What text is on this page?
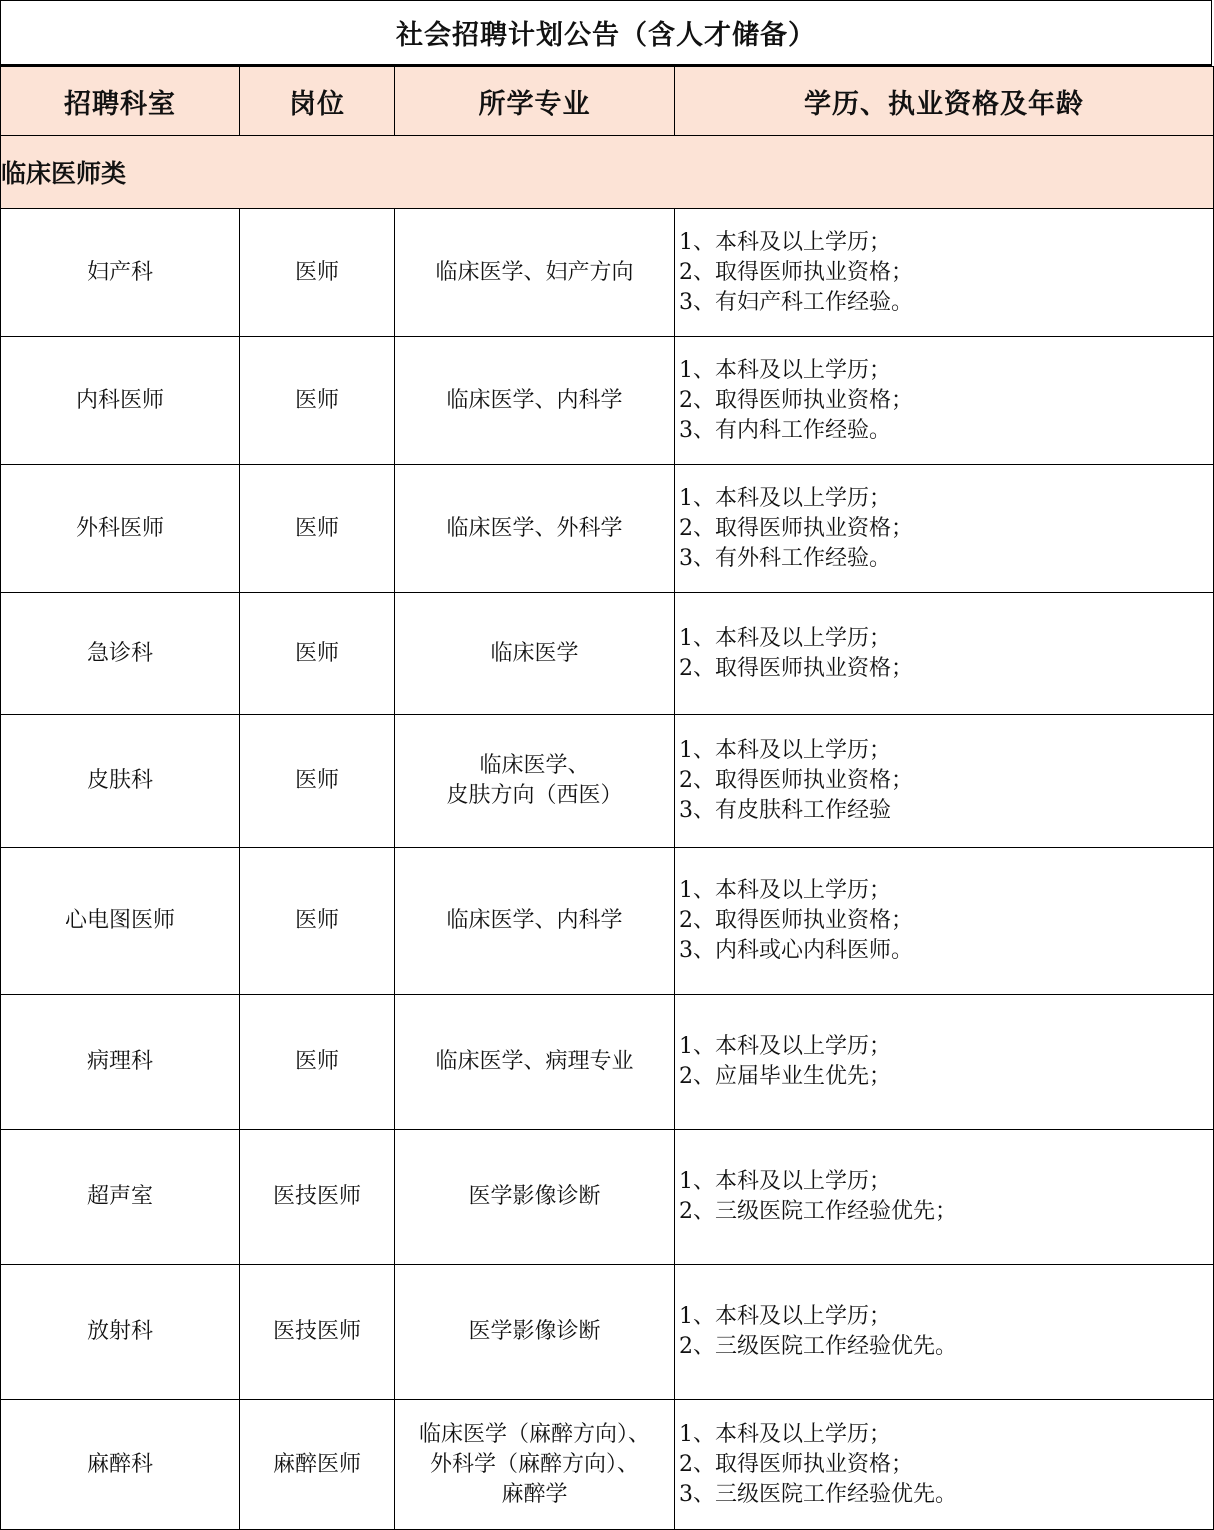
社会招聘计划公告（含人才储备）
招聘科室	岗位	所学专业	学历、执业资格及年龄
临床医师类			
妇产科	医师	临床医学、妇产方向	1、本科及以上学历；
2、取得医师执业资格；
3、有妇产科工作经验。

内科医师	医师	临床医学、内科学	1、本科及以上学历；
2、取得医师执业资格；
3、有内科工作经验。

外科医师	医师	临床医学、外科学	1、本科及以上学历；
2、取得医师执业资格；
3、有外科工作经验。

急诊科	医师	临床医学	1、本科及以上学历；
2、取得医师执业资格；

皮肤科	医师	临床医学、
皮肤方向（西医）	1、本科及以上学历；
2、取得医师执业资格；
3、有皮肤科工作经验

心电图医师	医师	临床医学、内科学	1、本科及以上学历；
2、取得医师执业资格；
3、内科或心内科医师。

病理科	医师	临床医学、病理专业	1、本科及以上学历；
2、应届毕业生优先；

超声室	医技医师	医学影像诊断	1、本科及以上学历；
2、三级医院工作经验优先；

放射科	医技医师	医学影像诊断	1、本科及以上学历；
2、三级医院工作经验优先。

麻醉科	麻醉医师	临床医学（麻醉方向）、
外科学（麻醉方向）、
麻醉学	1、本科及以上学历；
2、取得医师执业资格；
3、三级医院工作经验优先。
